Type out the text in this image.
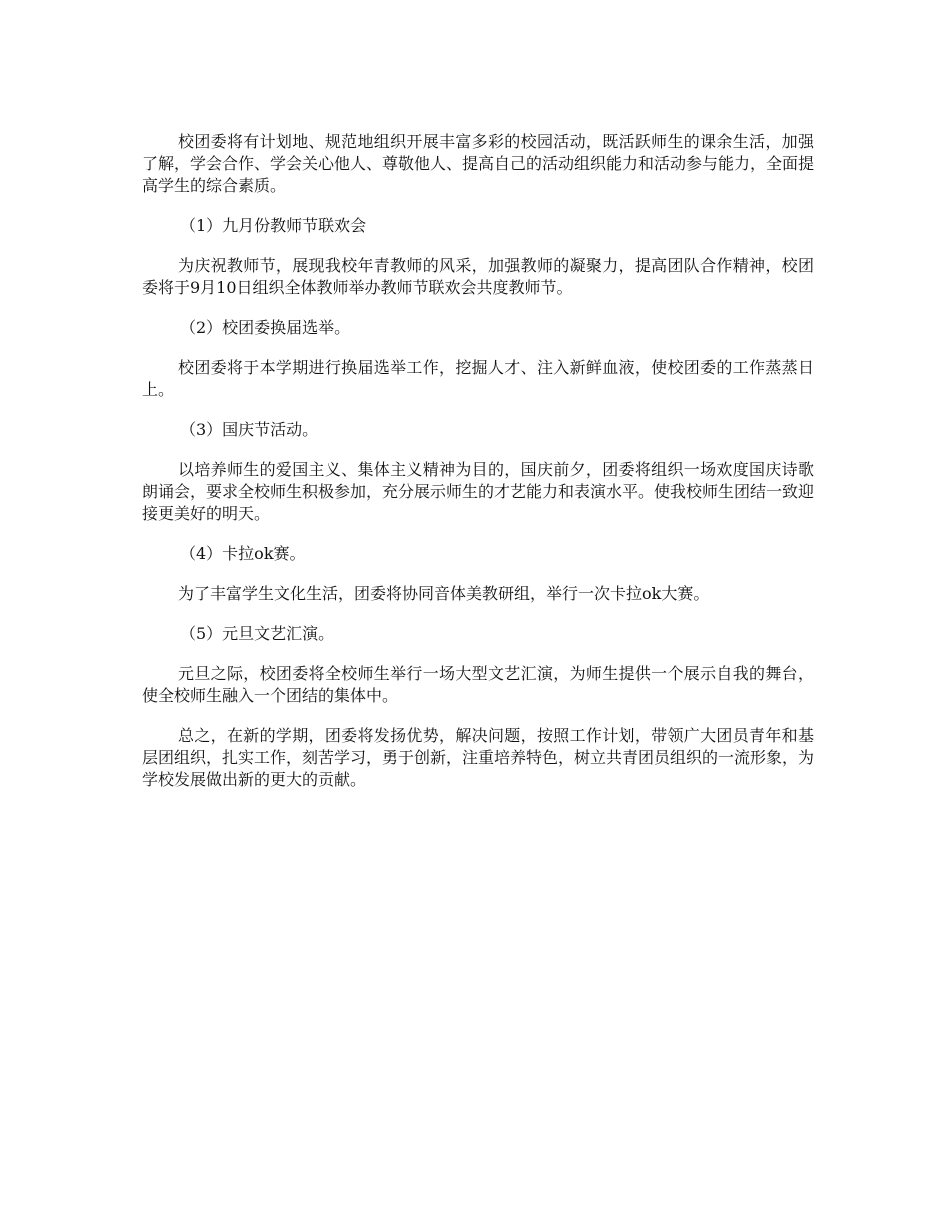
校团委将有计划地、规范地组织开展丰富多彩的校园活动，既活跃师生的课余生活，加强了解，学会合作、学会关心他人、尊敬他人、提高自己的活动组织能力和活动参与能力，全面提高学生的综合素质。

（1）九月份教师节联欢会

为庆祝教师节，展现我校年青教师的风采，加强教师的凝聚力，提高团队合作精神，校团委将于9月10日组织全体教师举办教师节联欢会共度教师节。

（2）校团委换届选举。

校团委将于本学期进行换届选举工作，挖掘人才、注入新鲜血液，使校团委的工作蒸蒸日上。

（3）国庆节活动。

以培养师生的爱国主义、集体主义精神为目的，国庆前夕，团委将组织一场欢度国庆诗歌朗诵会，要求全校师生积极参加，充分展示师生的才艺能力和表演水平。使我校师生团结一致迎接更美好的明天。

（4）卡拉ok赛。

为了丰富学生文化生活，团委将协同音体美教研组，举行一次卡拉ok大赛。

（5）元旦文艺汇演。

元旦之际，校团委将全校师生举行一场大型文艺汇演，为师生提供一个展示自我的舞台，使全校师生融入一个团结的集体中。

总之，在新的学期，团委将发扬优势，解决问题，按照工作计划，带领广大团员青年和基层团组织，扎实工作，刻苦学习，勇于创新，注重培养特色，树立共青团员组织的一流形象，为学校发展做出新的更大的贡献。
